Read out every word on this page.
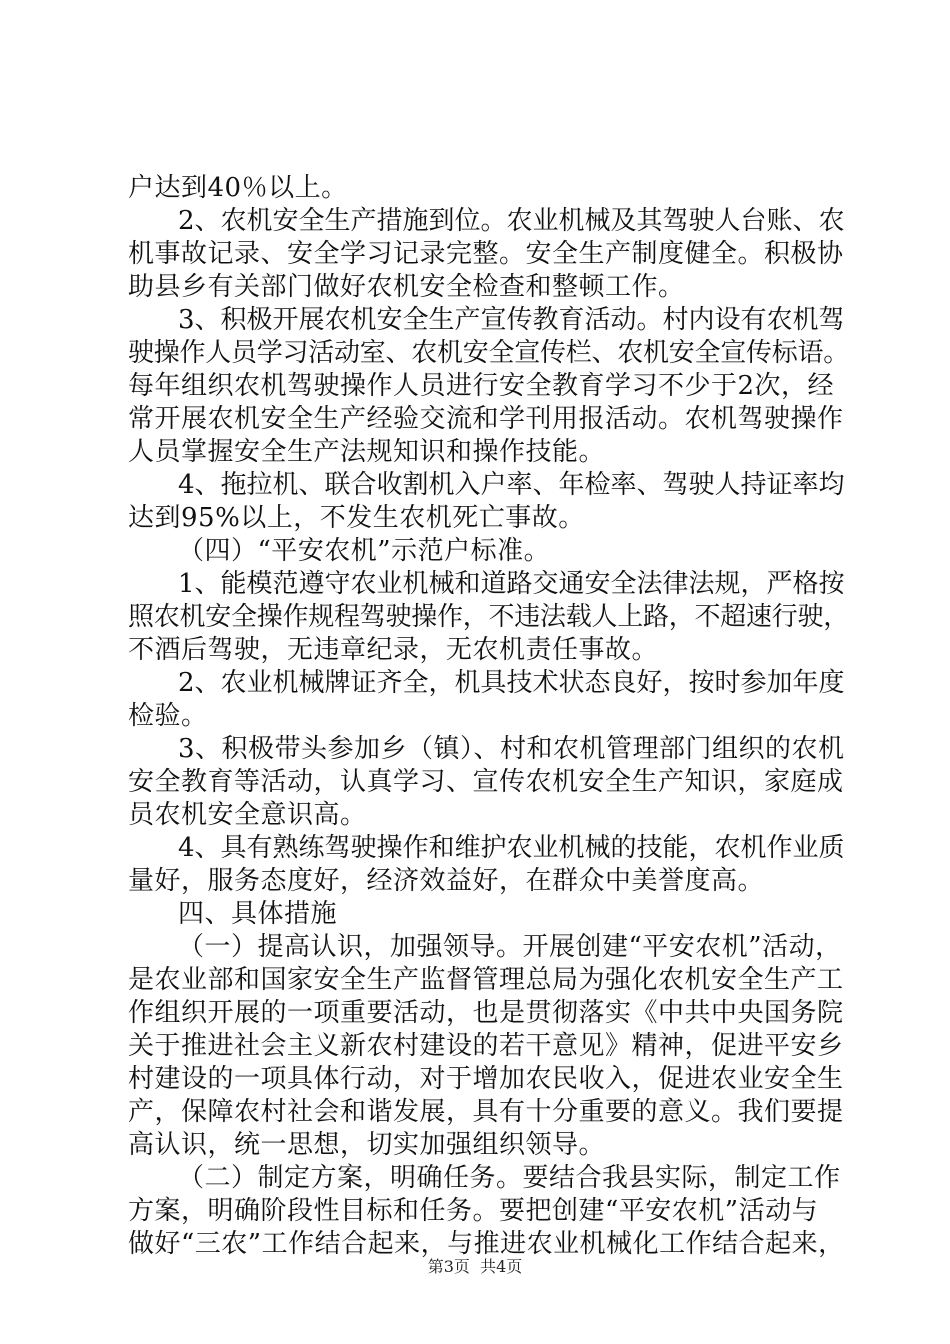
户达到40％以上。
2、农机安全生产措施到位。农业机械及其驾驶人台账、农
机事故记录、安全学习记录完整。安全生产制度健全。积极协
助县乡有关部门做好农机安全检查和整顿工作。
3、积极开展农机安全生产宣传教育活动。村内设有农机驾
驶操作人员学习活动室、农机安全宣传栏、农机安全宣传标语。
每年组织农机驾驶操作人员进行安全教育学习不少于2次，经
常开展农机安全生产经验交流和学刊用报活动。农机驾驶操作
人员掌握安全生产法规知识和操作技能。
4、拖拉机、联合收割机入户率、年检率、驾驶人持证率均
达到95%以上，不发生农机死亡事故。
（四）“平安农机”示范户标准。
1、能模范遵守农业机械和道路交通安全法律法规，严格按
照农机安全操作规程驾驶操作，不违法载人上路，不超速行驶，
不酒后驾驶，无违章纪录，无农机责任事故。
2、农业机械牌证齐全，机具技术状态良好，按时参加年度
检验。
3、积极带头参加乡（镇）、村和农机管理部门组织的农机
安全教育等活动，认真学习、宣传农机安全生产知识，家庭成
员农机安全意识高。
4、具有熟练驾驶操作和维护农业机械的技能，农机作业质
量好，服务态度好，经济效益好，在群众中美誉度高。
四、具体措施
（一）提高认识，加强领导。开展创建“平安农机”活动，
是农业部和国家安全生产监督管理总局为强化农机安全生产工
作组织开展的一项重要活动，也是贯彻落实《中共中央国务院
关于推进社会主义新农村建设的若干意见》精神，促进平安乡
村建设的一项具体行动，对于增加农民收入，促进农业安全生
产，保障农村社会和谐发展，具有十分重要的意义。我们要提
高认识，统一思想，切实加强组织领导。
（二）制定方案，明确任务。要结合我县实际，制定工作
方案，明确阶段性目标和任务。要把创建“平安农机”活动与
做好“三农”工作结合起来，与推进农业机械化工作结合起来，
第3页  共4页
